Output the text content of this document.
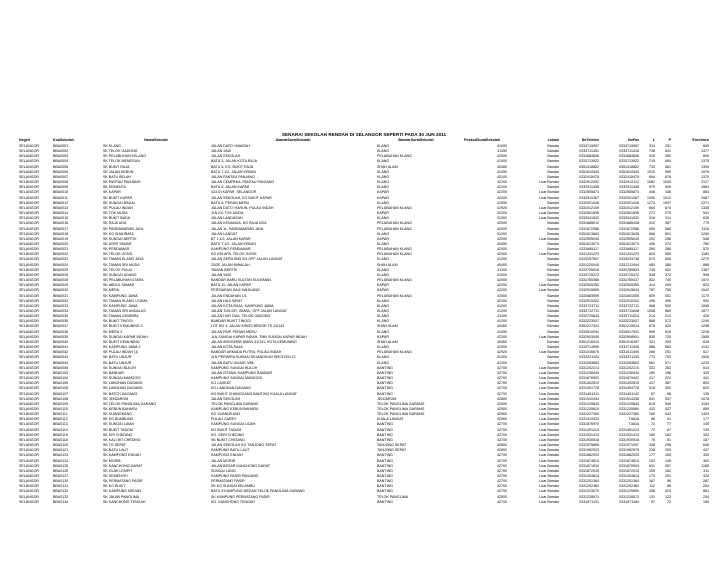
SENARAI SEKOLAH RENDAH DI SELANGOR SEPERTI PADA 30 JUN 2011
Negeri	KodSekolah	NamaSekolah	AlamatSuratSekolah	BandarSuratSekolah	PoskodSuratSekolah	Lokasi	NoTelefon	NoFax	L	P	Enrolmen
SELANGOR	BBA0001	SK KLANG	JALAN DATO' HAMZAH	KLANG	41000	Bandar	0333715957	0333715957	334	331	665
SELANGOR	BBA0002	SK TELOK GADONG	JALAN YADI	KLANG	41150	Bandar	0333711451	0333711418	736	641	1377
SELANGOR	BBA0003	SK PELABUHAN KELANG	JALAN SEKOLAH	PELABUHAN KLANG	42000	Bandar	0331684848	0331684848	415	390	805
SELANGOR	BBA0004	SK TELOK MENEGUN	BATU 3, JALAN KOTA RAJA	KLANG	41000	Bandar	0333713922	0333713922	715	660	1375
SELANGOR	BBA0005	SK BUKIT RAJA	BATU 6, KG. BUKIT RAJA	SHAH ALAM	40460	Bandar	0351418852	0351418852	733	661	1394
SELANGOR	BBA0006	SK JALAN KEBUN	BATU 7 1/2, JALAN KEBUN	KLANG	42450	Bandar	0351610943	0351610943	1010	969	1979
SELANGOR	BBA0007	SK BATU BELAH	JALAN PANTAU PANJANG	KLANG	42100	Bandar	0332415475	0332415475	694	676	1370
SELANGOR	BBA0008	SK PANTAU PANJANG	JALAN CEMPAKA, PANTAU PANJANG	KLANG	42100	Luar Bandar	0332912052	0332912112	1082	1045	2127
SELANGOR	BBA0009	SK SEMENTA	BATU 6, JALAN KAPAR	KLANG	42100	Bandar	0332911306	0332911308	979	905	1884
SELANGOR	BBA0010	SK KAPAR	423 DI KAPAR, SELANGOR	KAPAR	42200	Luar Bandar	0332505873	0332505873	448	436	884
SELANGOR	BBA0011	SK BUKIT KAPAR	JALAN SEKOLAH, KG BUKIT KAPAR	KAPAR	42200	Luar Bandar	0332911367	0332921087	1055	1012	2067
SELANGOR	BBA0012	SK SUNGAI BINJAI	BATU 6, PERAN MERU	KLANG	41050	Bandar	0332921046	0332921048	1274	1097	2371
SELANGOR	BBA0013	SK PULAU INDAH	JALAN DATO' HARUN, PULAU INDAH	PELABUHAN KLANG	42920	Luar Bandar	0331012159	0331012159	664	674	1338
SELANGOR	BBA0014	SK TOK MUDA	JLN KG TOK MUDA	KAPAR	42200	Luar Bandar	0332501895	0332501895	271	270	541
SELANGOR	BBA0015	SK BUKIT BADA	JALAN LANDASAN	KLANG	41300	Luar Bandar	0333341632	0333341632	316	314	630
SELANGOR	BBA0016	SK RAJA UDA	JALAN KENANGA, KG RAJA UDA	PELABUHAN KLANG	42000	Bandar	0331685010	0331685438	412	367	779
SELANGOR	BBA0017	SK PANDAMARAN JAYA	JALAN 11, PANDAMARAN JAYA	PELABUHAN KLANG	42000	Bandar	0331672086	0331672086	559	560	1119
SELANGOR	BBA0018	SK KG SHAHBATA	JALAN LANGAT	KLANG	41200	Bandar	0351613863	0351613635	668	601	1269
SELANGOR	BBA0019	SK SUNGAI BERTIK	BT 1 1/2, JALAN KAPAR	KAPAR	42200	Luar Bandar	0332505045	0332505045	292	256	548
SELANGOR	BBA0020	SK AYER TAWAR	BATU 7 1/2, JALAN KEBUN	KLANG	42450	Bandar	0351613073	0351613073	406	374	780
SELANGOR	BBA0021	SK PENDAMAR	KAMPUNG PENDAMAR	PELABUHAN KLANG	42000	Bandar	0331685117	0331685117	284	286	570
SELANGOR	BBA0022	SK TELOK GONG	KG KELAPA, TELOK GONG	PELABUHAN KLANG	42000	Luar Bandar	0331341223	0331341223	624	559	1183
SELANGOR	BBA0023	SK TAMAN KLANG JAYA	JALAN SERUJING 5/1 OFF JALAN LANGAT	KLANG	41200	Bandar	0333157807	0333233748	673	606	1279
SELANGOR	BBA0024	SK TAMAN SRI MUDA	25/2E JALAN MIHALAH	SHAH ALAM	40400	Bandar	0351220040	0351211944	483	385	868
SELANGOR	BBA0025	SK TELOK PULAI	TAMAN BERTIK	KLANG	41100	Bandar	0333705516	0333789633	745	622	1367
SELANGOR	BBA0026	SK SUNGAI UDANG	JALAN YADI	KLANG	41000	Bandar	0333715372	0333715372	536	372	908
SELANGOR	BBA0028	SK PELABUHAN UTARA	BANDAR BARU SULTAN SULEIMAN	PELABUHAN KLANG	42000	Bandar	0331765366	0331765437	832	740	1572
SELANGOR	BBA0029	SK ABDUL SAMAD	BATU 11, JALAN KAPAR	KAPAR	42200	Luar Bandar	0332505350	0332505350	414	409	823
SELANGOR	BBA0030	SK MERU	PERSIARAN HAJI SAHILANG	KAPAR	42200	Luar Bandar	0332915855	0332915634	787	755	1542
SELANGOR	BBA0031	SK KAMPUNG JAWA	JALAN ENDAHAN 1/1	PELABUHAN KLANG	42000	Bandar	0331683599	0331601055	609	551	1170
SELANGOR	BBA0032	SK TAMAN KLANG UTAMA	JALAN HAJI SIRAT	KLANG	42100	Bandar	0332910202	0332910202	496	496	992
SELANGOR	BBA0033	SK KAMPUNG JAWA	JALAN KOTA RAJA, KAMPUNG JAWA	KLANG	41000	Bandar	0333723711	0333722711	568	500	1068
SELANGOR	BBA0034	SK TAMAN SRI ANDALAS	JALAN TUN DR. ISMAIL, OFF JALAN LANGAT	KLANG	41200	Bandar	0333712711	0333711848	1008	869	1877
SELANGOR	BBA0035	SK TAMAN GEMBIRA	JALAN HUR DUA, TELOK GADONG	KLANG	41100	Bandar	0333729643	0333711024	214	212	426
SELANGOR	BBA0036	SK BUKIT TINGGI	BANDAR BUKIT TINGGI	KLANG	41200	Bandar	0333223007	0333223007	668	572	1240
SELANGOR	BBA0037	SK BUKIT KEMUNING 2	LOT NO 4, JALAN KINGS BROOK TS 13/143	SHAH ALAM	40460	Bandar	0351217324	0351219514	678	620	1298
SELANGOR	BBA0038	SK MERU 2	JALAN PAIP, PERAN MERU	KLANG	41050	Bandar	0333910094	0333917931	599	619	1218
SELANGOR	BBA0039	SK SUNGAI KAPAR INDAH	JLN SUNGAI KAPAR INDAH, TMN SUNGAI KAPAR INDAH	KAPAR	42200	Luar Bandar	0332903040	0332908901	830	725	1555
SELANGOR	BBA0040	SK BUKIT KEMUNING	JALAN ANGGERIK AMAN 31/131, KOTA KEMUNING	SHAH ALAM	40460	Bandar	0351216410	0351216357	321	309	630
SELANGOR	BBA0041	SK KAMPUNG JAWA 2	JALAN KOTA RAJA	KLANG	41000	Bandar	0333714950	0333711930	568	563	1131
SELANGOR	BBA0042	SK PULAU INDAH (1)	BANDAR ARMADA PUTRA, PULAU INDAH	PELABUHAN KLANG	42920	Luar Bandar	0331016670	0331011490	266	251	517
SELANGOR	BBA0043	SK BATU UNJUR	JLN PERWIRA SUNGAI SEJANGKUN SEKSYEN 12	KLANG	41200	Bandar	0333221193	0333221193	773	753	1526
SELANGOR	BBA0044	SK BATU UNJUR	JALAN BATU UNJUR 3/56	KLANG	41200	Bandar	0333263663	0333263663	661	571	1232
SELANGOR	BBA0045	SK SUNGAI BULOH	KAMPUNG SUNGAI BULOH	BANTING	42700	Luar Bandar	0331202214	0331202210	331	283	614
SELANGOR	BBA0103	SK BANDAR	JALAN ISTANA, KAMPUNG BANDAR	BANTING	42700	Luar Bandar	0331206445	0331206445	169	156	325
SELANGOR	BBA0104	SK SUNGAI MANGGIS	KAMPUNG SUNGAI MANGGIS	BANTING	42700	Luar Bandar	0331876902	0331879402	217	224	441
SELANGOR	BBA0105	SK LABOHAN DAGANG	KG LAGKAT	BANTING	42700	Luar Bandar	0331402819	0331402819	417	387	804
SELANGOR	BBA0106	SK LABOHAN DAGANG	KG LABOHAN DAGANG	BANTING	42700	Luar Bandar	0331401776	0331493776	318	302	620
SELANGOR	BBA0107	SK BATCH DAGANG	KG BUKIT CHANGGANG BANTING KUALA LANGAT	BANTING	42700	Luar Bandar	0331401411	0331401142	67	68	135
SELANGOR	BBA0108	SK JENJAROM	JALAN SEKOLAH	JENJAROM	42600	Luar Bandar	0331910434	0331914338	541	537	1078
SELANGOR	BBA0109	SK TELOK PANGLIMA GARANG	TELOK PANGLIMA GARANG	TELOK PANGLIMA GARANG	42500	Luar Bandar	0331229843	0331229843	615	549	1164
SELANGOR	BBA0110	SK KEBUN BAHARU	KAMPUNG KEBUN BAHARU	TELOK PANGLIMA GARANG	42500	Luar Bandar	0331229615	0331229580	432	427	859
SELANGOR	BBA0111	SK SIJANGKANG	KG SIJANGKANG	TELOK PANGLIMA GARANG	42500	Luar Bandar	0331227360	0331227360	760	643	1403
SELANGOR	BBA0112	SK KG BUMBUNG	PULAU CAREY	KUALA LANGAT	42960	Luar Bandar	0331419420	TIADA	86	91	177
SELANGOR	BBA0113	SK SUNGAI LIDAH	KAMPUNG SUNGAI LIDAH	BANTING	42700	Luar Bandar	0331876970	TIADA	72	77	149
SELANGOR	BBA0114	SK BUKIT TADOM	KG BUKIT TADOM	BANTING	42700	Luar Bandar	0331491213	0331491213	72	67	139
SELANGOR	BBA0115	SK SRI CHEDING	KG. SERI CHEDING	BANTING	42700	Luar Bandar	0331931413	0331931413	160	162	322
SELANGOR	BBA0116	SK KALI BIT CHEDING	SK BUKIT CHEDING	BANTING	42700	Luar Bandar	0331930518	0331930518	76	81	157
SELANGOR	BBA0120	SK TG SEPAT	JALAN SEKOLAH KG TANJONG SEPAT	TANJONG SEPAT	42800	Luar Bandar	0331975859	0331971097	348	298	646
SELANGOR	BBA0121	SK BATU LAUT	KAMPUNG BATU LAUT	TANJONG SEPAT	42800	Luar Bandar	0331982923	0331982579	238	209	447
SELANGOR	BBA0123	SK KAMPONG ENDAH	KAMPONG ENDAH	BANTING	42700	Luar Bandar	0331882003	0331882003	177	153	330
SELANGOR	BBA0124	SK MORIB	JALAN MORIB	BANTING	42700	Luar Bandar	0331874813	0331874813	153	149	302
SELANGOR	BBA0125	SK KANCHONG DARAT	JALAN BESAR KANCHONG DARAT	BANTING	42700	Luar Bandar	0331871634	0331879504	631	557	1188
SELANGOR	BBA0126	SK OLAK LEMPIT	SUNGAI LANG	BANTING	42700	Luar Bandar	0331872010	0331872010	159	152	311
SELANGOR	BBA0127	SK SEMENYIH	KAMPUNG PASIR PANJANG	BANTING	42700	Luar Bandar	0331204814	0331204814	173	151	324
SELANGOR	BBA0130	SK PERMATANG PASIR	PERMATANG PASIR	BANTING	42700	Luar Bandar	0331201364	0331201364	167	86	287
SELANGOR	BBA0131	SK KG BUKIT	SK KG SUNGAI KELAMBU	BANTING	42700	Luar Bandar	0331202382	0331202382	112	88	200
SELANGOR	BBA0132	SK KAMPUNG MEDAN	BATU 9 KAMPUNG MEDAN TELOK PANGLIMA GARANG	BANTING	42700	Luar Bandar	0331223070	0331229690	438	423	861
SELANGOR	BBA0133	SK JALAN PANGLIMA	SK KAMPUNG PERMATANG PASIR	TELOK PANGLIMA	42500	Luar Bandar	0331228571	0331228572	131	123	254
SELANGOR	BBA0134	SK KANCHONG TENGAH	KG. KANCHONG TENGAH	BANTING	42700	Luar Bandar	0331871101	0331871184	97	72	169
